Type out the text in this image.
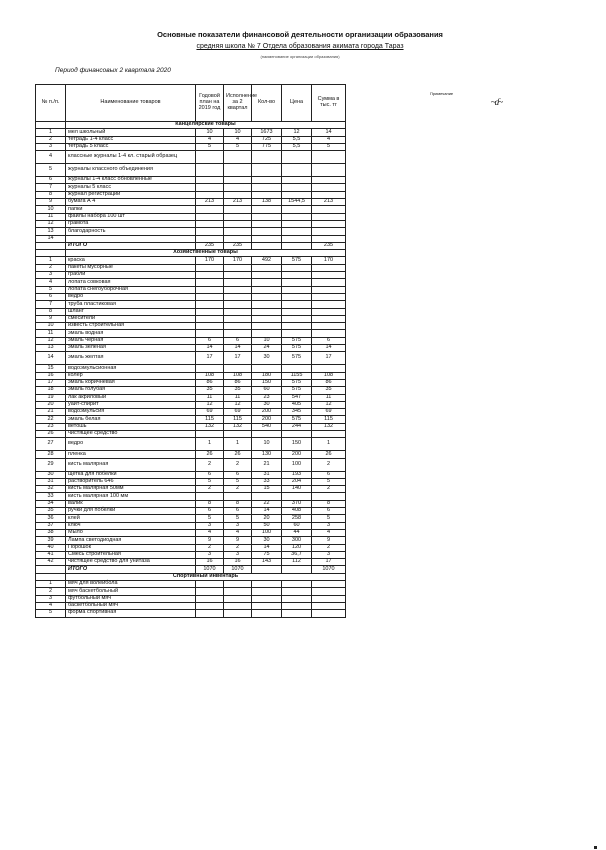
Основные показатели финансовой деятельности организации образования
средняя школа № 7 Отдела образования акимата города Тараз
(наименование организации образования)
Период финансовых 2 квартала 2020
№ п./п.	Наименование товаров	Годовой план на 2019 год	Исполнение за 2 квартал	Кол-во	Цена	Сумма в тыс. тг	
	Канцелярские товары						
1	мел школьный	10	10	1673	12	14	
2	тетрадь 1-4 класс	4	4	725	5,5	4	
3	тетрадь 5 класс	5	5	775	5,5	5	
4	классные журналы 1-4 кл. старый образец						
5	журналы классного объединения						
6	журналы 1-4 класс обновленные						
7	журналы 5 класс						
8	журнал регистрации						
9	бумага А 4	213	213	138	1544,5	213	
10	папки						
11	файлы набора 100 шт						
12	грамота						
13	благодарность						
14							
	ИТОГО	235	235			235	
	Хозяйственные товары						
1	краска	170	170	492	575	170	
2	пакеты мусорные						
3	грабли						
4	лопата совковая						
5	лопата снегоуборочная						
6	ведро						
7	труба пластиковая						
8	шланг						
9	смесители						
10	известь строительная						
11	эмаль водная						
12	эмаль черная	6	6	10	575	6	
13	эмаль зеленая	14	14	24	575	14	
14	эмаль желтая	17	17	30	575	17	
15	водоэмульсионная						
16	колер	108	108	180	1155	108	
17	эмаль коричневая	86	86	150	575	86	
18	эмаль голубая	35	35	60	575	35	
19	лак акриловый	11	11	23	547	11	
20	уайт-спирит	12	12	30	405	12	
21	водоэмульсия	69	69	200	345	69	
22	эмаль белая	115	115	200	575	115	
23	ветошь	132	132	540	244	132	
26	чистящее средство						
27	ведро	1	1	10	150	1	
28	пленка	26	26	130	200	26	
29	кисть малярная	2	2	21	100	2	
30	щетка для побелки	6	6	31	193	6	
31	растворитель 646	5	5	33	204	5	
32	кисть малярная 50мм	2	2	15	140	2	
33	кисть малярная 100 мм						
34	валик	8	8	22	370	8	
35	ручки для побелки	6	6	14	408	6	
36	клей	5	5	20	258	5	
37	ключ	3	3	50	60	3	
38	Мыло	4	4	100	44	4	
39	Лампа светодиодная	9	9	30	300	9	
40	Порошок	2	2	14	120	2	
41	Смесь строительная	3	3	75	36,7	3	
42	чистящее средство для унитаза	16	16	143	112	17	
	ИТОГО	1070	1070			1070	
	Спортивный инвентарь						
1	мяч для волейбола						
2	мяч баскетбольный						
3	футбольный мяч						
4	баскетбольный мяч						
5	форма спортивная						
Примечание
~ɗ~
